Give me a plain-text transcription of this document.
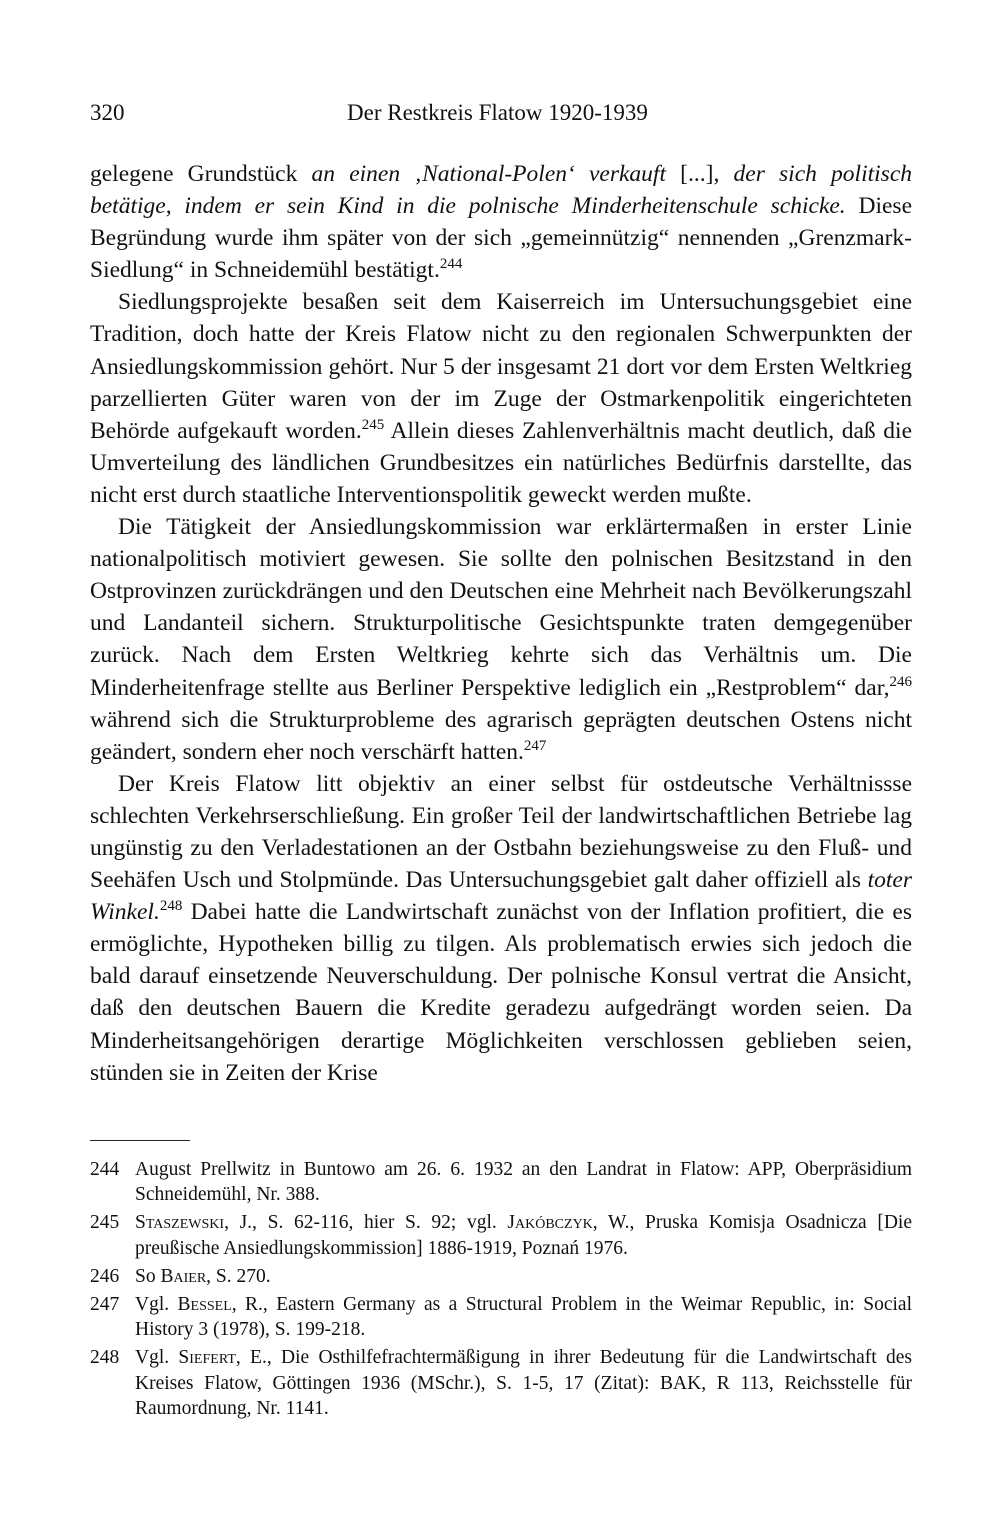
320	Der Restkreis Flatow 1920-1939

gelegene Grundstück an einen ‚National-Polen‘ verkauft [...], der sich politisch betätige, indem er sein Kind in die polnische Minderheitenschule schicke. Diese Begründung wurde ihm später von der sich „gemeinnützig“ nennenden „Grenzmark-Siedlung“ in Schneidemühl bestätigt.$^{244}$

Siedlungsprojekte besaßen seit dem Kaiserreich im Untersuchungsgebiet eine Tradition, doch hatte der Kreis Flatow nicht zu den regionalen Schwerpunkten der Ansiedlungskommission gehört. Nur 5 der insgesamt 21 dort vor dem Ersten Weltkrieg parzellierten Güter waren von der im Zuge der Ostmarkenpolitik eingerichteten Behörde aufgekauft worden.$^{245}$ Allein dieses Zahlenverhältnis macht deutlich, daß die Umverteilung des ländlichen Grundbesitzes ein natürliches Bedürfnis darstellte, das nicht erst durch staatliche Interventionspolitik geweckt werden mußte.

Die Tätigkeit der Ansiedlungskommission war erklärtermaßen in erster Linie nationalpolitisch motiviert gewesen. Sie sollte den polnischen Besitzstand in den Ostprovinzen zurückdrängen und den Deutschen eine Mehrheit nach Bevölkerungszahl und Landanteil sichern. Strukturpolitische Gesichtspunkte traten demgegenüber zurück. Nach dem Ersten Weltkrieg kehrte sich das Verhältnis um. Die Minderheitenfrage stellte aus Berliner Perspektive lediglich ein „Restproblem“ dar,$^{246}$ während sich die Strukturprobleme des agrarisch geprägten deutschen Ostens nicht geändert, sondern eher noch verschärft hatten.$^{247}$

Der Kreis Flatow litt objektiv an einer selbst für ostdeutsche Verhältnissse schlechten Verkehrserschließung. Ein großer Teil der landwirtschaftlichen Betriebe lag ungünstig zu den Verladestationen an der Ostbahn beziehungsweise zu den Fluß- und Seehäfen Usch und Stolpmünde. Das Untersuchungsgebiet galt daher offiziell als toter Winkel.$^{248}$ Dabei hatte die Landwirtschaft zunächst von der Inflation profitiert, die es ermöglichte, Hypotheken billig zu tilgen. Als problematisch erwies sich jedoch die bald darauf einsetzende Neuverschuldung. Der polnische Konsul vertrat die Ansicht, daß den deutschen Bauern die Kredite geradezu aufgedrängt worden seien. Da Minderheitsangehörigen derartige Möglichkeiten verschlossen geblieben seien, stünden sie in Zeiten der Krise

244 August Prellwitz in Buntowo am 26. 6. 1932 an den Landrat in Flatow: APP, Oberpräsidium Schneidemühl, Nr. 388.
245 Staszewski, J., S. 62-116, hier S. 92; vgl. Jakóbczyk, W., Pruska Komisja Osadnicza [Die preußische Ansiedlungskommission] 1886-1919, Poznań 1976.
246 So Baier, S. 270.
247 Vgl. Bessel, R., Eastern Germany as a Structural Problem in the Weimar Republic, in: Social History 3 (1978), S. 199-218.
248 Vgl. Siefert, E., Die Osthilfefrachtermäßigung in ihrer Bedeutung für die Landwirtschaft des Kreises Flatow, Göttingen 1936 (MSchr.), S. 1-5, 17 (Zitat): BAK, R 113, Reichsstelle für Raumordnung, Nr. 1141.
